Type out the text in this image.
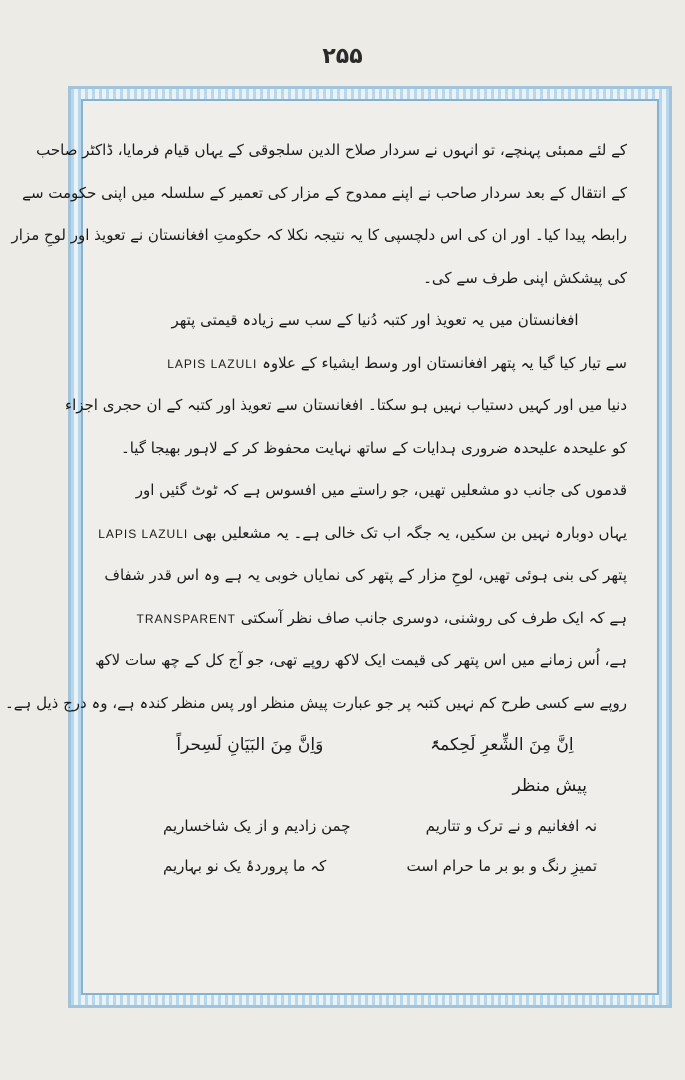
۲۵۵
کے لئے ممبئی پہنچے، تو انہوں نے سردار صلاح الدین سلجوقی کے یہاں قیام فرمایا، ڈاکٹر صاحب
کے انتقال کے بعد سردار صاحب نے اپنے ممدوح کے مزار کی تعمیر کے سلسلہ میں اپنی حکومت سے
رابطہ پیدا کیا۔ اور ان کی اس دلچسپی کا یہ نتیجہ نکلا کہ حکومتِ افغانستان نے تعویذ اور لوحِ مزار
کی پیشکش اپنی طرف سے کی۔
افغانستان میں یہ تعویذ اور کتبہ دُنیا کے سب سے زیادہ قیمتی پتھر
سے تیار کیا گیا یہ پتھر افغانستان اور وسط ایشیاء کے علاوہ LAPIS LAZULI
دنیا میں اور کہیں دستیاب نہیں ہو سکتا۔ افغانستان سے تعویذ اور کتبہ کے ان حجری اجزاء
کو علیحدہ علیحدہ ضروری ہدایات کے ساتھ نہایت محفوظ کر کے لاہور بھیجا گیا۔
قدموں کی جانب دو مشعلیں تھیں، جو راستے میں افسوس ہے کہ ٹوٹ گئیں اور
یہاں دوبارہ نہیں بن سکیں، یہ جگہ اب تک خالی ہے۔ یہ مشعلیں بھی LAPIS LAZULI
پتھر کی بنی ہوئی تھیں، لوحِ مزار کے پتھر کی نمایاں خوبی یہ ہے وہ اس قدر شفاف
ہے کہ ایک طرف کی روشنی، دوسری جانب صاف نظر آسکتی TRANSPARENT
ہے، اُس زمانے میں اس پتھر کی قیمت ایک لاکھ روپے تھی، جو آج کل کے چھ سات لاکھ
روپے سے کسی طرح کم نہیں کتبہ پر جو عبارت پیش منظر اور پس منظر کندہ ہے، وہ درج ذیل ہے۔
اِنَّ مِنَ الشِّعرِ لَحِکمۃً
وَاِنَّ مِنَ البَیَانِ لَسِحراً
پیش منظر
نہ افغانیم و نے ترک و تتاریم
چمن زادیم و از یک شاخساریم
تمیزِ رنگ و بو بر ما حرام است
کہ ما پروردۂ یک نو بہاریم
